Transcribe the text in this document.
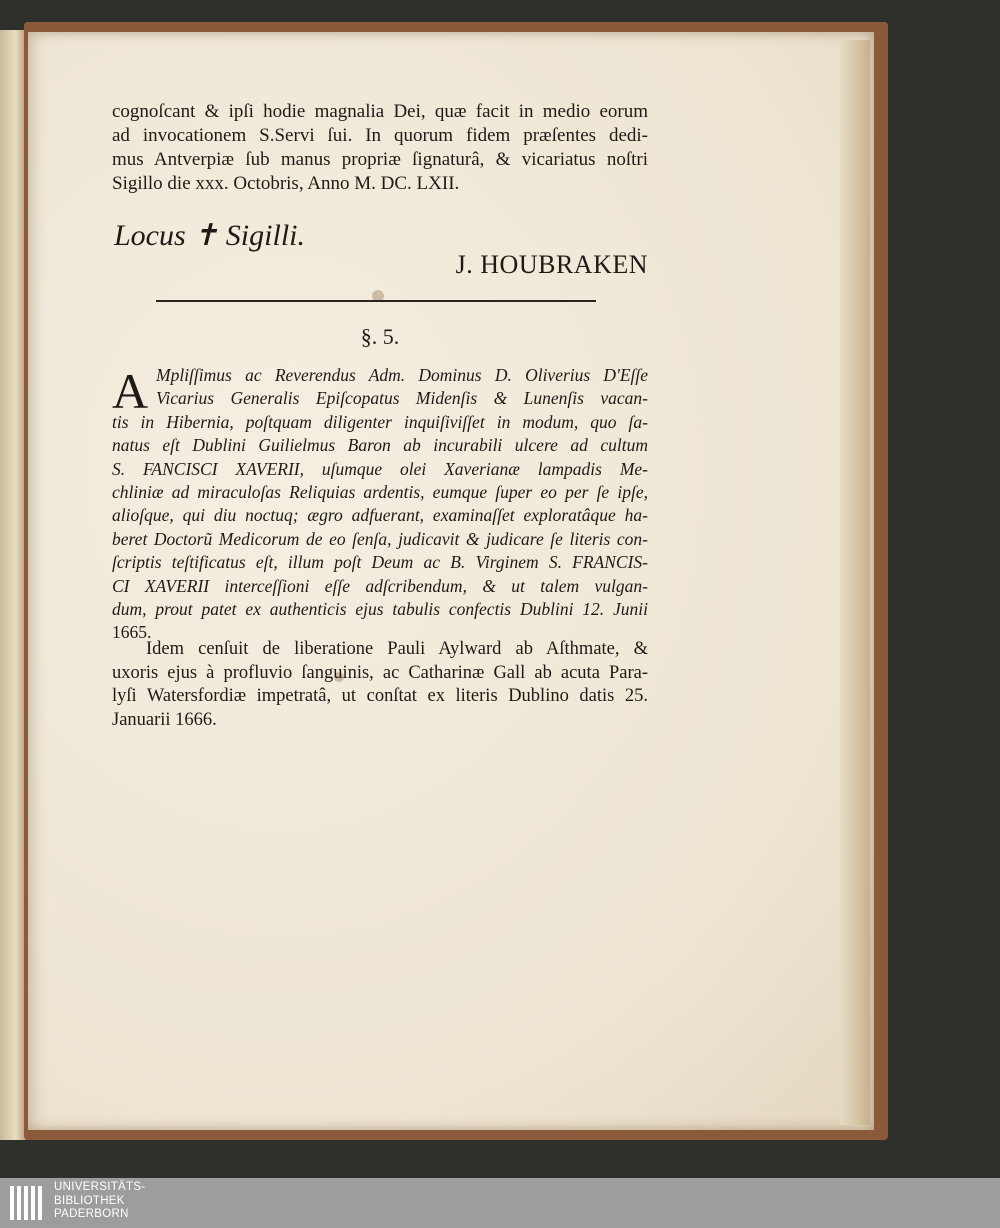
cognoſcant & ipſi hodie magnalia Dei, quæ facit in medio eorum
ad invocationem S.Servi ſui. In quorum fidem præſentes dedi-
mus Antverpiæ ſub manus propriæ ſignaturâ, & vicariatus noſtri
Sigillo die xxx. Octobris, Anno M. DC. LXII.
Locus ✝ Sigilli.
J. HOUBRAKEN
§. 5.
A Mpliſſimus ac Reverendus Adm. Dominus D. Oliverius D'Eſſe
Vicarius Generalis Epiſcopatus Midenſis & Lunenſis vacan-
tis in Hibernia, poſtquam diligenter inquiſiviſſet in modum, quo ſa-
natus eſt Dublini Guilielmus Baron ab incurabili ulcere ad cultum
S. FANCISCI XAVERII, uſumque olei Xaverianæ lampadis Me-
chliniæ ad miraculoſas Reliquias ardentis, eumque ſuper eo per ſe ipſe,
alioſque, qui diu noctuq; ægro adfuerant, examinaſſet exploratâque ha-
beret Doctorũ Medicorum de eo ſenſa, judicavit & judicare ſe literis con-
ſcriptis teſtificatus eſt, illum poſt Deum ac B. Virginem S. FRANCIS-
CI XAVERII interceſſioni eſſe adſcribendum, & ut talem vulgan-
dum, prout patet ex authenticis ejus tabulis confectis Dublini 12. Junii
1665.
Idem cenſuit de liberatione Pauli Aylward ab Aſthmate, &
uxoris ejus à profluvio ſanguinis, ac Catharinæ Gall ab acuta Para-
lyſi Watersfordiæ impetratâ, ut conſtat ex literis Dublino datis 25.
Januarii 1666.
UNIVERSITÄTS-
BIBLIOTHEK
PADERBORN
